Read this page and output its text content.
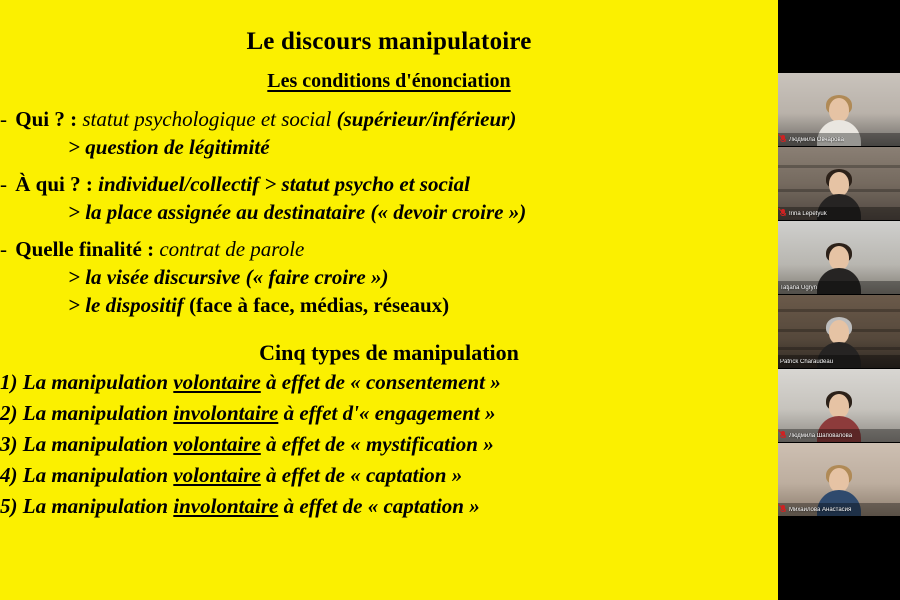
Le discours manipulatoire
Les conditions d'énonciation
- Qui ? : statut psychologique et social (supérieur/inférieur)
> question de légitimité
- À qui ? : individuel/collectif > statut psycho et social
> la place assignée au destinataire (« devoir croire »)
- Quelle finalité : contrat de parole
> la visée discursive (« faire croire »)
> le dispositif (face à face, médias, réseaux)
Cinq types de manipulation
1) La manipulation volontaire à effet de « consentement »
2) La manipulation involontaire à effet d'« engagement »
3) La manipulation volontaire à effet de « mystification »
4) La manipulation volontaire à effet de « captation »
5) La manipulation involontaire à effet de « captation »
Людмила Овчарова
Irina Lepetyuk
Tatjana Ugryn
Patrick Charaudeau
Людмила Шаповалова
Михайлова Анастасия
